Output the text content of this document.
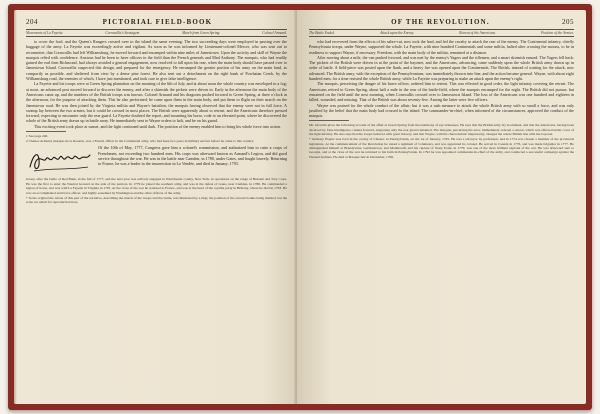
204	PICTORIAL FIELD-BOOK
Movements of La Fayette.	Cornwallis's Stratagem.	March from Green Spring.	Colonel Armand.

to cover the ford, and the Queen's Rangers crossed over to the island the same evening. The two succeeding days were employed in passing over the baggage of the army. La Fayette was exceedingly active and vigilant. As soon as he was informed by Lieutenant-colonel Mercer, who was sent out to reconnoiter, that Cornwallis had left Williamsburg, he moved forward and encamped within nine miles of Jamestown. Upon the activity and skill of Wayne the marquis relied with confidence. Anxious had he been to have officers in the field than the French generals and Mad Anthony. The marquis, who had readily gained the earl then Richmond, had always avoided a general engagement, now resolved to fall upon his rear, when the main body should have passed over to Jamestown Island. Cornwallis suspected this design, and prepared for the emergency. He encamped the greater portion of his army on the main land, as compactly as possible, and sheltered from view by a dense pine forest. He also sent out a detachment on the right bank of Powhatan Creek, by the Williamsburg road, the enemies of which, I have just mentioned, and took care to give false intelligence.

La Fayette and his troops were at Green Spring plantation on the morning of the 6th of July, and at about noon the whole country was enveloped in a fog; at noon, an advanced post moved forward to discover the enemy, and after a skirmish the pickets were driven in. Early in the afternoon the main body of the Americans came up, and the numbers of the British troops was known. Colonel Armand and his dragoons pushed forward to Green Spring, at three o'clock in the afternoon, for the purpose of attacking them. This he also performed; he came upon them in the main body, and put them to flight on their march on the Jamestown road. He was then joined by the Virginia militia and Wayne's battalion, the marquis having observed that the enemy were not in full force. A swamp lay between the two armies, but it could be crossed in most places. The British were apparently about to retreat, and the Americans therefore pressed forward, expecting to encounter only the rear guard. La Fayette doubted the report, and mounting his horse, rode to an elevated point, where he discovered the whole of the British army drawn up in battle array. He immediately sent to Wayne orders to halt, and be on his guard.

This exciting event took place at sunset, and the fight continued until dark. The position of the enemy enabled him to bring his whole force into action.

1 See page 240.

2 Charles Armand, marquis de la Rouarie, was a French officer in the Continental army, who had been two years in military service before he came to this country.

Of the 10th of May, 1777, Congress gave him a colonel's commission, and authorized him to raise a corps of Frenchmen, not exceeding two hundred men. His corps was afterward known as Armand's Legion, and did good service throughout the war. He was in the battle near Camden, in 1780, under Gates, and fought bravely. Returning to France, he was a leader in the insurrection in La Vendée, and died in January, 1793.

Jersey, after the battle of Red Bank, in the fall of 1777, and the next year was actively engaged in Westchester county, New York, in operations on the range of Hessian and Tory corps. He was the first to enter the Neutral Ground on the side of the patriots. In 1779 he joined the southern army, and was at the defeat of Gates, near Camden, in 1780. He commanded a legion of horse, and was with La Fayette in Virginia in 1781. At the close of the war he returned to France, and was at the head of the royalist party in Brittany, where he died in 1793. He was an accomplished and brave officer, and highly esteemed by Washington and the other officers of the army.

* In the original the whole of this part of the narrative, describing the march of the troops and the battle, was illustrated by a map; the position of the several bodies being marked, but the scale too small for reproduction here.

OF THE REVOLUTION.	205
The Battle Ended.	Attack upon the Enemy.	Retreat of the Americans.	Position of the Armies.

who had recovered from the effects of his sabre-cut, now took the lead, and led the cavalry to attack the rear of the enemy. The Continental infantry, chiefly Pennsylvania troops, under Wayne, supported the whole. La Fayette, with nine hundred Continentals and some militia, halted after crossing the morass, to be in readiness to support Wayne, if necessary. Freedom, with the main body of the militia, remained at a distance.

After moving about a mile, the van pushed forward, and was met by the enemy's Yagers and the riflemen, and a smart skirmish ensued. The Yagers fell back. The pickets of the British were driven in at the point of the bayonet, and the Americans, advancing, came suddenly upon the whole British army drawn up in order of battle. A field-piece was posted upon the flank, and a heavy fire was opened upon the Continentals. The British, instead of waiting for the attack, now advanced. The British army, with the exception of the Pennsylvanians, was immediately thrown into line, and the action became general. Wayne, with about eight hundred men, for a time resisted the whole British army, while La Fayette was preparing to make an attack upon the enemy's right.

The marquis, perceiving the danger of his brave officer, ordered him to retreat. This was effected in good order, the light infantry covering the retreat. The Americans retired to Green Spring, about half a mile in the rear of the battle-field, where the marquis encamped for the night. The British did not pursue, but remained on the field until the next morning, when Cornwallis crossed over to Jamestown Island. The loss of the Americans was one hundred and eighteen in killed, wounded, and missing. That of the British was about seventy-five. Among the latter were five officers.

Wayne was praised for the whole conduct of the affair; but it was a rash measure to attack the whole British army with so small a force, and was only justified by the belief that the main body had crossed to the island. The commander-in-chief, when informed of the circumstances, approved the conduct of the marquis.

Mr. Girardin gives the following account of the affair at Green Spring from the testimony of eye-witnesses. He says that the British army lay in ambush, and that the Americans, having been deceived by false intelligence, rushed forward, supposing only the rear guard remained. The marquis, perceiving his error, immediately ordered a retreat, which was effected under cover of the light infantry. He also says that the troops behaved with great bravery, and that Wayne, with his characteristic impetuosity, charged the whole British line with the bayonet.

* Anthony Wayne was born in the county of Chester, in Pennsylvania, on the 1st of January, 1745. He was a surveyor by profession, and in 1774 was chosen a member of the provincial legislature. At the commencement of the Revolution he raised a regiment of volunteers, and was appointed its colonel. He served in Canada in 1776, and was made brigadier in 1777. He distinguished himself at Brandywine, Germantown, and Monmouth; and his capture of Stony Point, in 1779, was one of the most brilliant exploits of the war. He was afterward sent to Georgia, and at the close of the war he returned to his farm in Pennsylvania. In 1792 he was appointed commander-in-chief of the army, and conducted a successful campaign against the Western Indians. He died at Presque Isle in December, 1796.
